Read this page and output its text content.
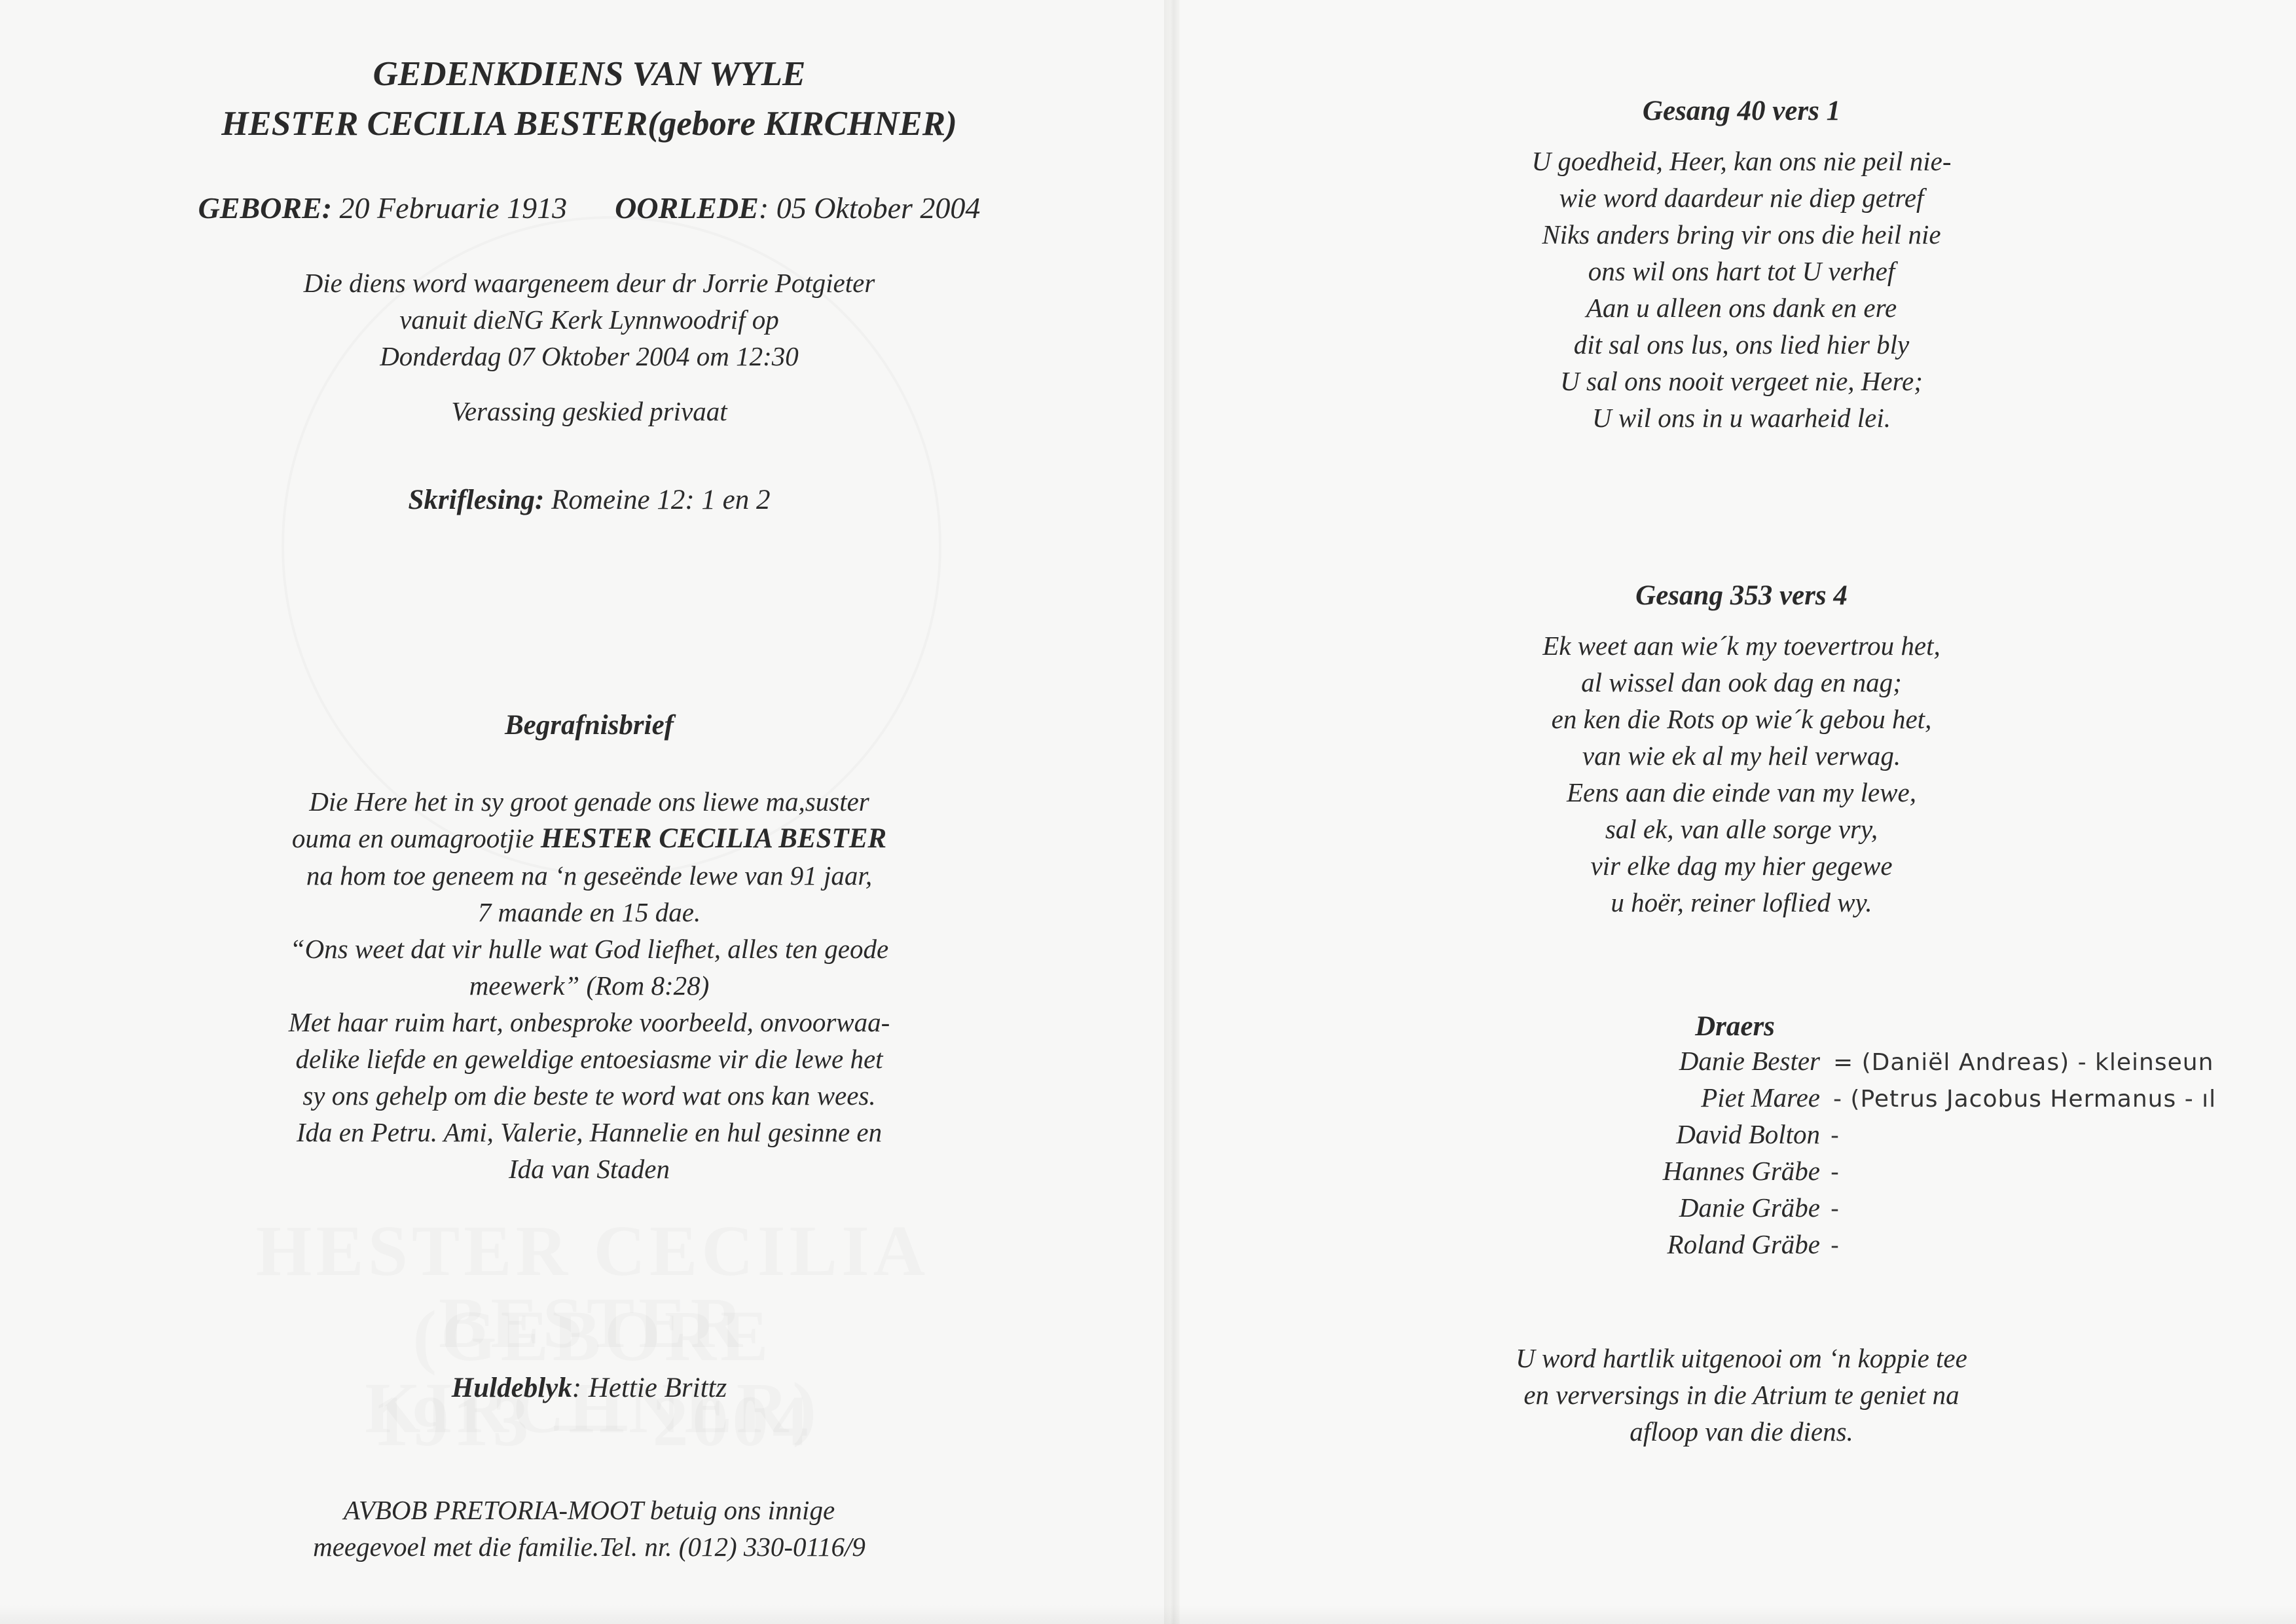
GEDENKDIENS VAN WYLE
HESTER CECILIA BESTER(gebore KIRCHNER)
GEBORE: 20 Februarie 1913 OORLEDE: 05 Oktober 2004
Die diens word waargeneem deur dr Jorrie Potgieter
vanuit dieNG Kerk Lynnwoodrif op
Donderdag 07 Oktober 2004 om 12:30
Verassing geskied privaat
Skriflesing: Romeine 12: 1 en 2
Begrafnisbrief
Die Here het in sy groot genade ons liewe ma,suster
ouma en oumagrootjie HESTER CECILIA BESTER
na hom toe geneem na ‘n geseënde lewe van 91 jaar,
7 maande en 15 dae.
“Ons weet dat vir hulle wat God liefhet, alles ten geode
meewerk” (Rom 8:28)
Met haar ruim hart, onbesproke voorbeeld, onvoorwaa-
delike liefde en geweldige entoesiasme vir die lewe het
sy ons gehelp om die beste te word wat ons kan wees.
Ida en Petru. Ami, Valerie, Hannelie en hul gesinne en
Ida van Staden
Huldeblyk: Hettie Brittz
AVBOB PRETORIA-MOOT betuig ons innige
meegevoel met die familie.Tel. nr. (012) 330-0116/9
Gesang 40 vers 1
U goedheid, Heer, kan ons nie peil nie-
wie word daardeur nie diep getref
Niks anders bring vir ons die heil nie
ons wil ons hart tot U verhef
Aan u alleen ons dank en ere
dit sal ons lus, ons lied hier bly
U sal ons nooit vergeet nie, Here;
U wil ons in u waarheid lei.
Gesang 353 vers 4
Ek weet aan wie´k my toevertrou het,
al wissel dan ook dag en nag;
en ken die Rots op wie´k gebou het,
van wie ek al my heil verwag.
Eens aan die einde van my lewe,
sal ek, van alle sorge vry,
vir elke dag my hier gegewe
u hoër, reiner loflied wy.
Draers
Danie Bester = (Daniël Andreas) - kleinseun
Piet Maree - (Petrus Jacobus Hermanus - ıl
David Bolton -
Hannes Gräbe -
Danie Gräbe -
Roland Gräbe -
U word hartlik uitgenooi om ‘n koppie tee
en verversings in die Atrium te geniet na
afloop van die diens.
